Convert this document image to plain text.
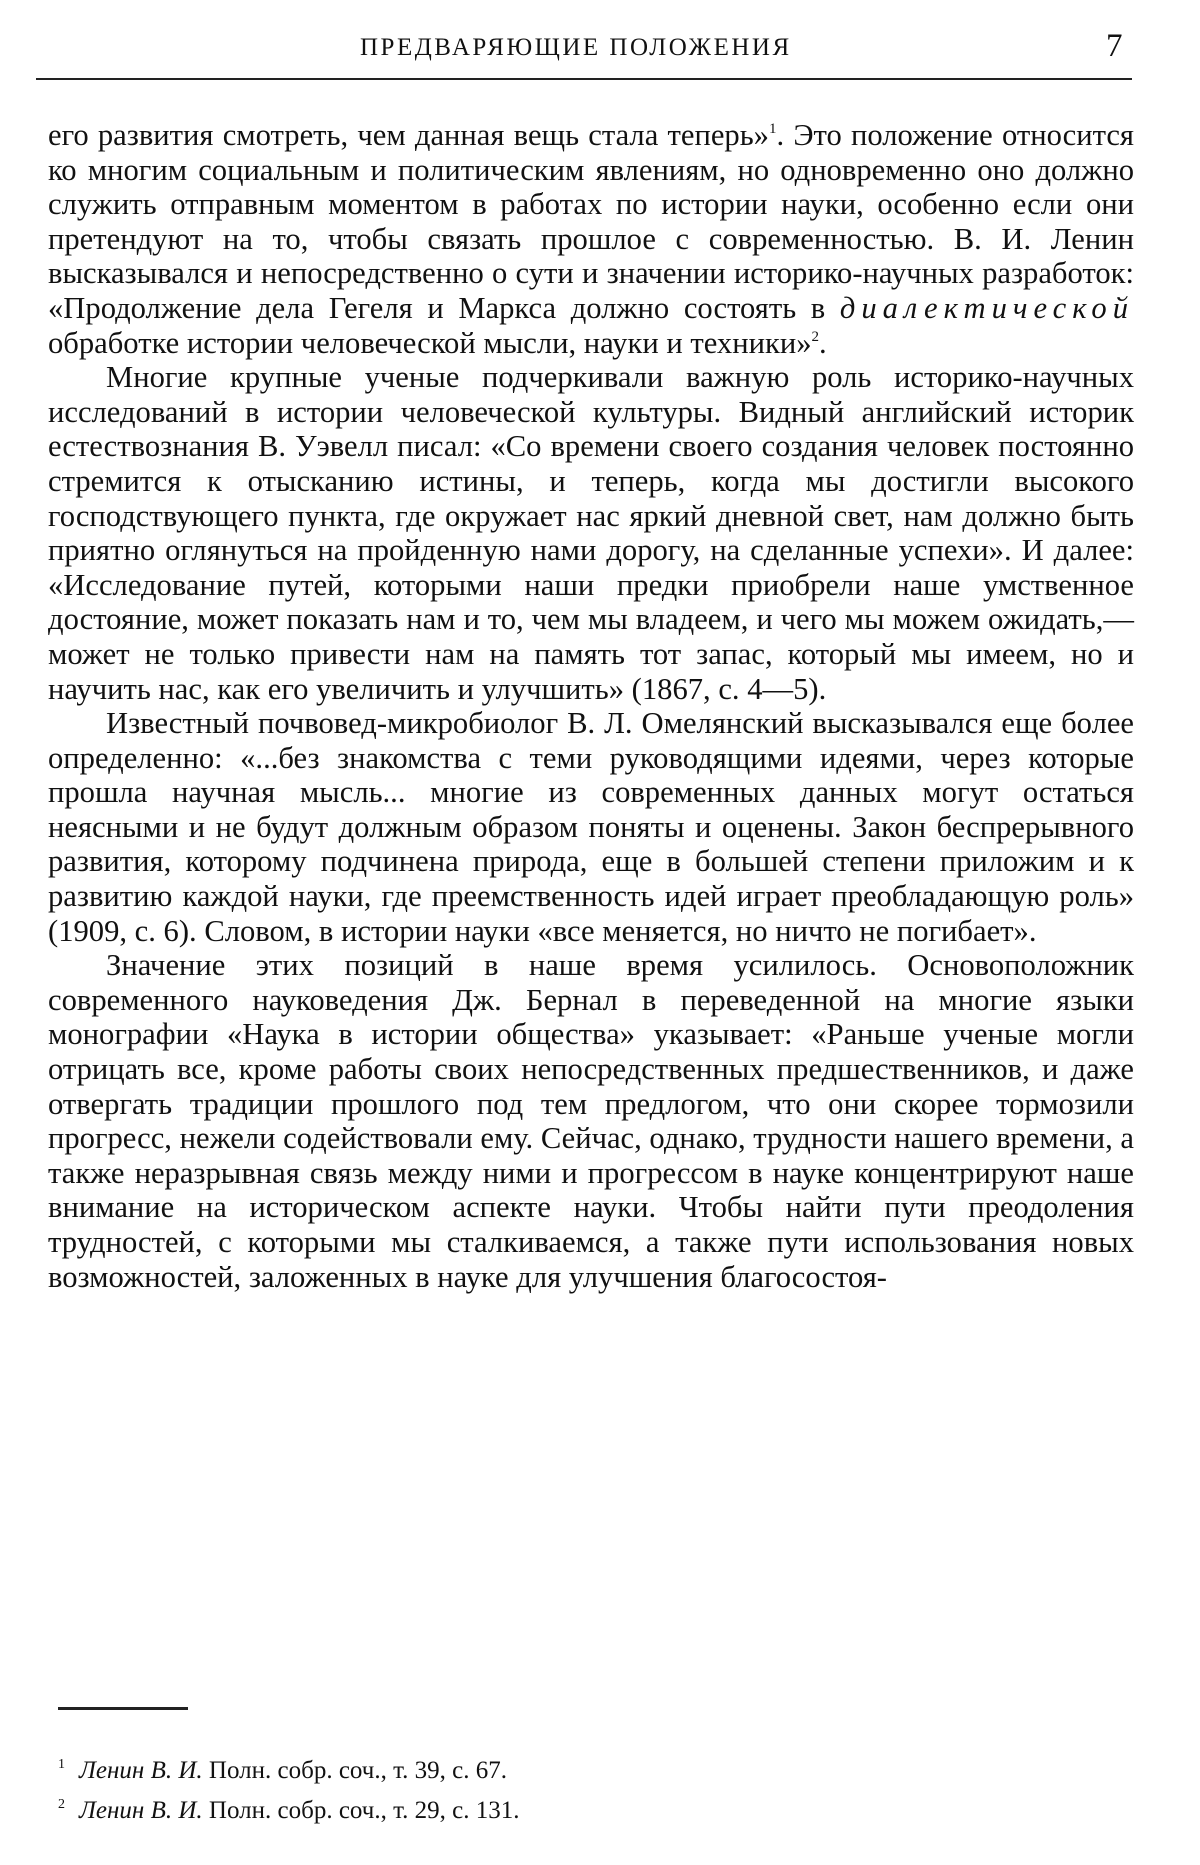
ПРЕДВАРЯЮЩИЕ ПОЛОЖЕНИЯ	7

его развития смотреть, чем данная вещь стала теперь»$^1$. Это положение относится ко многим социальным и политическим явлениям, но одновременно оно должно служить отправным моментом в работах по истории науки, особенно если они претендуют на то, чтобы связать прошлое с современностью. В. И. Ленин высказывался и непосредственно о сути и значении историко-научных разработок: «Продолжение дела Гегеля и Маркса должно состоять в диалектической обработке истории человеческой мысли, науки и техники»$^2$.

Многие крупные ученые подчеркивали важную роль историко-научных исследований в истории человеческой культуры. Видный английский историк естествознания В. Уэвелл писал: «Со времени своего создания человек постоянно стремится к отысканию истины, и теперь, когда мы достигли высокого господствующего пункта, где окружает нас яркий дневной свет, нам должно быть приятно оглянуться на пройденную нами дорогу, на сделанные успехи». И далее: «Исследование путей, которыми наши предки приобрели наше умственное достояние, может показать нам и то, чем мы владеем, и чего мы можем ожидать,— может не только привести нам на память тот запас, который мы имеем, но и научить нас, как его увеличить и улучшить» (1867, с. 4—5).

Известный почвовед-микробиолог В. Л. Омелянский высказывался еще более определенно: «...без знакомства с теми руководящими идеями, через которые прошла научная мысль... многие из современных данных могут остаться неясными и не будут должным образом поняты и оценены. Закон беспрерывного развития, которому подчинена природа, еще в большей степени приложим и к развитию каждой науки, где преемственность идей играет преобладающую роль» (1909, с. 6). Словом, в истории науки «все меняется, но ничто не погибает».

Значение этих позиций в наше время усилилось. Основоположник современного науковедения Дж. Бернал в переведенной на многие языки монографии «Наука в истории общества» указывает: «Раньше ученые могли отрицать все, кроме работы своих непосредственных предшественников, и даже отвергать традиции прошлого под тем предлогом, что они скорее тормозили прогресс, нежели содействовали ему. Сейчас, однако, трудности нашего времени, а также неразрывная связь между ними и прогрессом в науке концентрируют наше внимание на историческом аспекте науки. Чтобы найти пути преодоления трудностей, с которыми мы сталкиваемся, а также пути использования новых возможностей, заложенных в науке для улучшения благосостоя-

$^1$ Ленин В. И. Полн. собр. соч., т. 39, с. 67.
$^2$ Ленин В. И. Полн. собр. соч., т. 29, с. 131.
